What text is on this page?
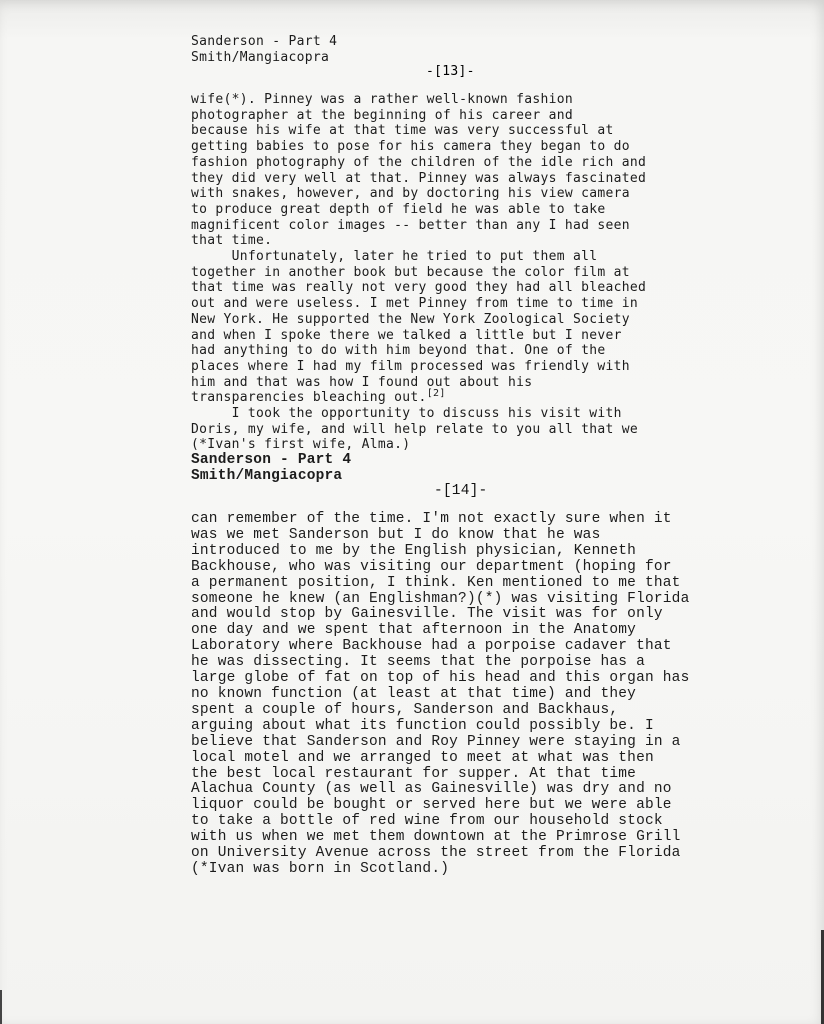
Sanderson - Part 4
Smith/Mangiacopra
-[13]-
wife(*). Pinney was a rather well-known fashion
photographer at the beginning of his career and
because his wife at that time was very successful at
getting babies to pose for his camera they began to do
fashion photography of the children of the idle rich and
they did very well at that. Pinney was always fascinated
with snakes, however, and by doctoring his view camera
to produce great depth of field he was able to take
magnificent color images -- better than any I had seen
that time.
Unfortunately, later he tried to put them all
together in another book but because the color film at
that time was really not very good they had all bleached
out and were useless. I met Pinney from time to time in
New York. He supported the New York Zoological Society
and when I spoke there we talked a little but I never
had anything to do with him beyond that. One of the
places where I had my film processed was friendly with
him and that was how I found out about his
transparencies bleaching out.[2]
I took the opportunity to discuss his visit with
Doris, my wife, and will help relate to you all that we
(*Ivan's first wife, Alma.)
Sanderson - Part 4
Smith/Mangiacopra
-[14]-
can remember of the time. I'm not exactly sure when it
was we met Sanderson but I do know that he was
introduced to me by the English physician, Kenneth
Backhouse, who was visiting our department (hoping for
a permanent position, I think. Ken mentioned to me that
someone he knew (an Englishman?)(*) was visiting Florida
and would stop by Gainesville. The visit was for only
one day and we spent that afternoon in the Anatomy
Laboratory where Backhouse had a porpoise cadaver that
he was dissecting. It seems that the porpoise has a
large globe of fat on top of his head and this organ has
no known function (at least at that time) and they
spent a couple of hours, Sanderson and Backhaus,
arguing about what its function could possibly be. I
believe that Sanderson and Roy Pinney were staying in a
local motel and we arranged to meet at what was then
the best local restaurant for supper. At that time
Alachua County (as well as Gainesville) was dry and no
liquor could be bought or served here but we were able
to take a bottle of red wine from our household stock
with us when we met them downtown at the Primrose Grill
on University Avenue across the street from the Florida
(*Ivan was born in Scotland.)
